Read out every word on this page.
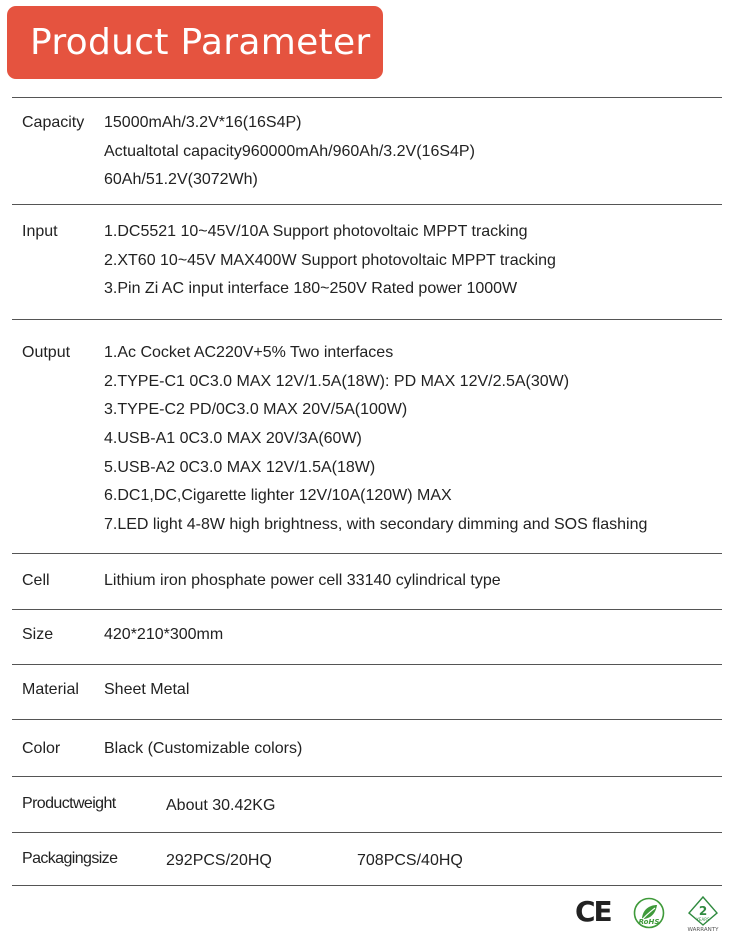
Product Parameter
Capacity 15000mAh/3.2V*16(16S4P)
Actualtotal capacity960000mAh/960Ah/3.2V(16S4P)
60Ah/51.2V(3072Wh)
Input	1.DC5521 10~45V/10A Support photovoltaic MPPT tracking
2.XT60 10~45V MAX400W Support photovoltaic MPPT tracking
3.Pin Zi AC input interface 180~250V Rated power 1000W
Output 1.Ac Cocket AC220V+5% Two interfaces
2.TYPE-C1 0C3.0 MAX 12V/1.5A(18W): PD MAX 12V/2.5A(30W)
3.TYPE-C2 PD/0C3.0 MAX 20V/5A(100W)
4.USB-A1 0C3.0 MAX 20V/3A(60W)
5.USB-A2 0C3.0 MAX 12V/1.5A(18W)
6.DC1,DC,Cigarette lighter 12V/10A(120W) MAX
7.LED light 4-8W high brightness, with secondary dimming and SOS flashing
Cell	Lithium iron phosphate power cell 33140 cylindrical type
Size	420*210*300mm
Material Sheet Metal
Color	Black (Customizable colors)
Productweight	About 30.42KG
Packagingsize	292PCS/20HQ	708PCS/40HQ
CE	RoHS
2
YEARS
WARRANTY
